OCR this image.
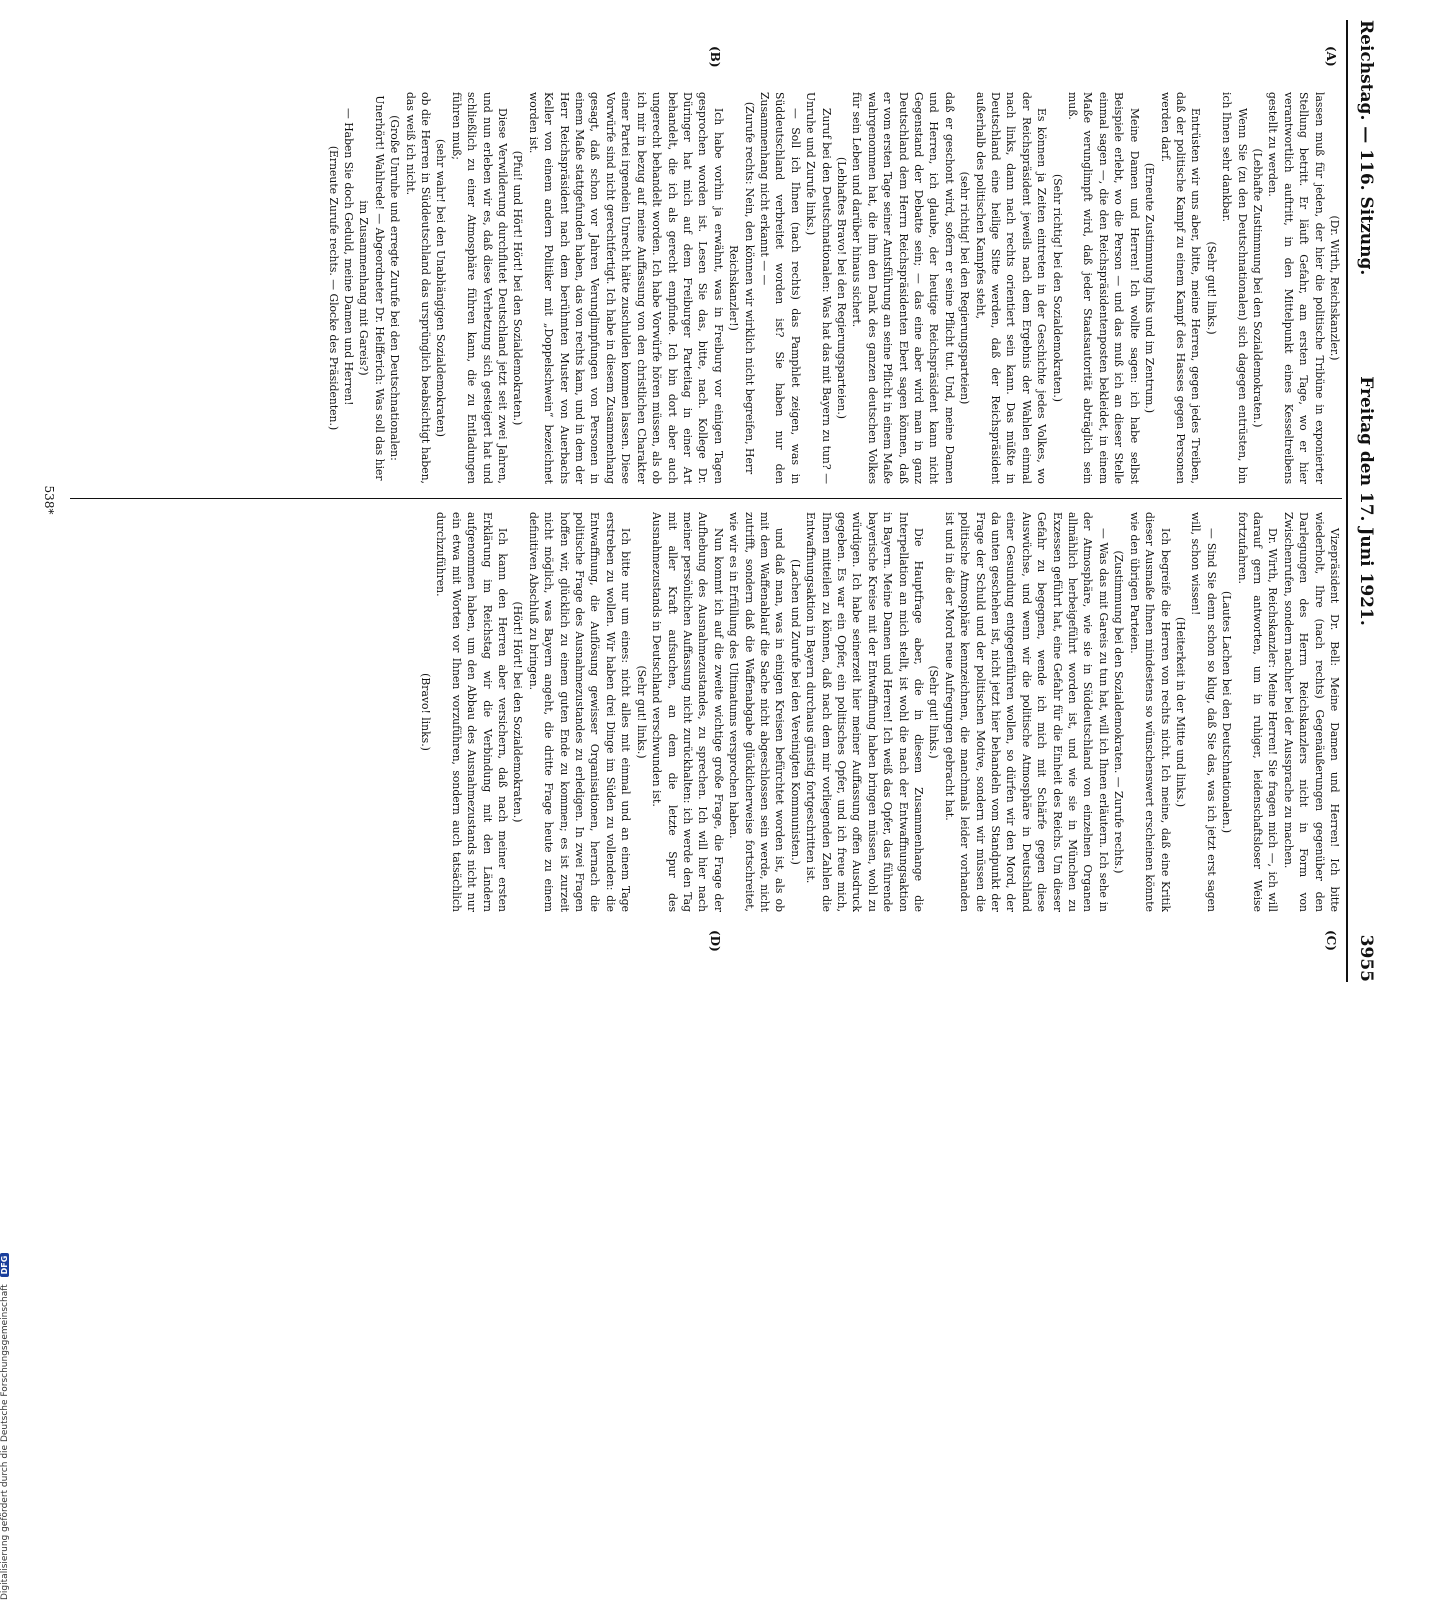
Reichstag. — 116. Sitzung.
Freitag den 17. Juni 1921.
3955
(A)
(B)
(C)
(D)

(Dr. Wirth, Reichskanzler.)

lassen muß für jeden, der hier die politische Tribüne in exponierter Stellung betritt. Er läuft Gefahr, am ersten Tage, wo er hier verantwortlich auftritt, in den Mittelpunkt eines Kesseltreibens gestellt zu werden.

(Lebhafte Zustimmung bei den Sozialdemokraten.)

Wenn Sie (zu den Deutschnationalen) sich dagegen entrüsten, bin ich Ihnen sehr dankbar.

(Sehr gut! links.)

Entrüsten wir uns aber, bitte, meine Herren, gegen jedes Treiben, daß der politische Kampf zu einem Kampf des Hasses gegen Personen werden darf.

(Erneute Zustimmung links und im Zentrum.)

Meine Damen und Herren! Ich wollte sagen: ich habe selbst Beispiele erlebt, wo die Person — und das muß ich an dieser Stelle einmal sagen —, die den Reichspräsidentenposten bekleidet, in einem Maße verunglimpft wird, daß jeder Staatsautorität abträglich sein muß.

(Sehr richtig! bei den Sozialdemokraten.)

Es können ja Zeiten eintreten in der Geschichte jedes Volkes, wo der Reichspräsident jeweils nach dem Ergebnis der Wahlen einmal nach links, dann nach rechts orientiert sein kann. Das müßte in Deutschland eine heilige Sitte werden, daß der Reichspräsident außerhalb des politischen Kampfes steht,

(sehr richtig! bei den Regierungsparteien)

daß er geschont wird, sofern er seine Pflicht tut. Und, meine Damen und Herren, ich glaube, der heutige Reichspräsident kann nicht Gegenstand der Debatte sein; — das eine aber wird man in ganz Deutschland dem Herrn Reichspräsidenten Ebert sagen können, daß er vom ersten Tage seiner Amtsführung an seine Pflicht in einem Maße wahrgenommen hat, die ihm den Dank des ganzen deutschen Volkes für sein Leben und darüber hinaus sichert.

(Lebhaftes Bravo! bei den Regierungsparteien.)

Zuruf bei den Deutschnationalen: Was hat das mit Bayern zu tun? — Unruhe und Zurufe links.)

— Soll ich Ihnen (nach rechts) das Pamphlet zeigen, was in Süddeutschland verbreitet worden ist? Sie haben nur den Zusammenhang nicht erkannt — —

(Zurufe rechts: Nein, den können wir wirklich nicht begreifen, Herr Reichskanzler!)

Ich habe vorhin ja erwähnt, was in Freiburg vor einigen Tagen gesprochen worden ist. Lesen Sie das, bitte, nach. Kollege Dr. Düringer hat mich auf dem Freiburger Parteitag in einer Art behandelt, die ich als gerecht empfinde. Ich bin dort aber auch ungerecht behandelt worden. Ich habe Vorwürfe hören müssen, als ob ich mir in bezug auf meine Auffassung von den christlichen Charakter einer Partei irgendein Unrecht hätte zuschulden kommen lassen. Diese Vorwürfe sind nicht gerechtfertigt. Ich habe in diesem Zusammenhang gesagt, daß schon vor Jahren Verunglimpfungen von Personen in einem Maße stattgefunden haben, das von rechts kam, und in dem der Herr Reichspräsident nach dem berühmten Muster von Auerbachs Keller von einem andern Politiker mit „Doppelschwein“ bezeichnet worden ist.

(Pfui! und Hört! Hört! bei den Sozialdemokraten.)

Diese Verwilderung durchflutet Deutschland jetzt seit zwei Jahren, und nun erleben wir es, daß diese Verhetzung sich gesteigert hat und schließlich zu einer Atmosphäre führen kann, die zu Entladungen führen muß;

(sehr wahr! bei den Unabhängigen Sozialdemokraten)

ob die Herren in Süddeutschland das ursprünglich beabsichtigt haben, das weiß ich nicht.

(Große Unruhe und erregte Zurufe bei den Deutschnationalen: Unerhört! Wahlrede! — Abgeordneter Dr. Helfferich: Was soll das hier im Zusammenhang mit Gareis?)

— Haben Sie doch Geduld, meine Damen und Herren!

(Erneute Zurufe rechts. — Glocke des Präsidenten.)

Vizepräsident Dr. Bell: Meine Damen und Herren! Ich bitte wiederholt, Ihre (nach rechts) Gegenäußerungen gegenüber den Darlegungen des Herrn Reichskanzlers nicht in Form von Zwischenrufen, sondern nachher bei der Aussprache zu machen.

Dr. Wirth, Reichskanzler: Meine Herren! Sie fragen mich —, ich will darauf gern antworten, um in ruhiger, leidenschaftsloser Weise fortzufahren.

(Lautes Lachen bei den Deutschnationalen.)

— Sind Sie denn schon so klug, daß Sie das, was ich jetzt erst sagen will, schon wissen!

(Heiterkeit in der Mitte und links.)

Ich begreife die Herren von rechts nicht. Ich meine, daß eine Kritik dieser Ausmaße Ihnen mindestens so wünschenswert erscheinen könnte wie den übrigen Parteien.

(Zustimmung bei den Sozialdemokraten. — Zurufe rechts.)

— Was das mit Gareis zu tun hat, will ich Ihnen erläutern. Ich sehe in der Atmosphäre, wie sie in Süddeutschland von einzelnen Organen allmählich herbeigeführt worden ist, und wie sie in München zu Exzessen geführt hat, eine Gefahr für die Einheit des Reichs. Um dieser Gefahr zu begegnen, wende ich mich mit Schärfe gegen diese Auswüchse, und wenn wir die politische Atmosphäre in Deutschland einer Gesundung entgegenführen wollen, so dürfen wir den Mord, der da unten geschehen ist, nicht jetzt hier behandeln vom Standpunkt der Frage der Schuld und der politischen Motive, sondern wir müssen die politische Atmosphäre kennzeichnen, die manchmals leider vorhanden ist und in die der Mord neue Aufregungen gebracht hat.

(Sehr gut! links.)

Die Hauptfrage aber, die in diesem Zusammenhange die Interpellation an mich stellt, ist wohl die nach der Entwaffnungsaktion in Bayern. Meine Damen und Herren! Ich weiß das Opfer, das führende bayerische Kreise mit der Entwaffnung haben bringen müssen, wohl zu würdigen. Ich habe seinerzeit hier meiner Auffassung offen Ausdruck gegeben. Es war ein Opfer, ein politisches Opfer, und ich freue mich, Ihnen mitteilen zu können, daß nach dem mir vorliegenden Zahlen die Entwaffnungsaktion in Bayern durchaus günstig fortgeschritten ist.

(Lachen und Zurufe bei den Vereinigten Kommunisten.)

und daß man, was in einigen Kreisen befürchtet worden ist, als ob mit dem Waffenablauf die Sache nicht abgeschlossen sein werde, nicht zutrifft, sondern daß die Waffenabgabe glücklicherweise fortschreitet, wie wir es in Erfüllung des Ultimatums versprochen haben.

Nun kommt ich auf die zweite wichtige große Frage, die Frage der Aufhebung des Ausnahmezustandes, zu sprechen. Ich will hier nach meiner persönlichen Auffassung nicht zurückhalten: ich werde den Tag mit aller Kraft aufsuchen, an dem die letzte Spur des Ausnahmezustands in Deutschland verschwunden ist.

(Sehr gut! links.)

Ich bitte nur um eines: nicht alles mit einmal und an einem Tage erstreben zu wollen. Wir haben drei Dinge im Süden zu vollenden: die Entwaffnung, die Auflösung gewisser Organisationen, hernach die politische Frage des Ausnahmezustandes zu erledigen. In zwei Fragen hoffen wir, glücklich zu einem guten Ende zu kommen; es ist zurzeit nicht möglich, was Bayern angeht, die dritte Frage heute zu einem definitiven Abschluß zu bringen.

(Hört! Hört! bei den Sozialdemokraten.)

Ich kann den Herren aber versichern, daß nach meiner ersten Erklärung im Reichstag wir die Verbindung mit den Ländern aufgenommen haben, um den Abbau des Ausnahmezustands nicht nur ein etwa mit Worten vor Ihnen vorzuführen, sondern auch tatsächlich durchzuführen.

(Bravo! links.)

538*
Digitalisierung gefördert durch die Deutsche Forschungsgemeinschaft DFG
